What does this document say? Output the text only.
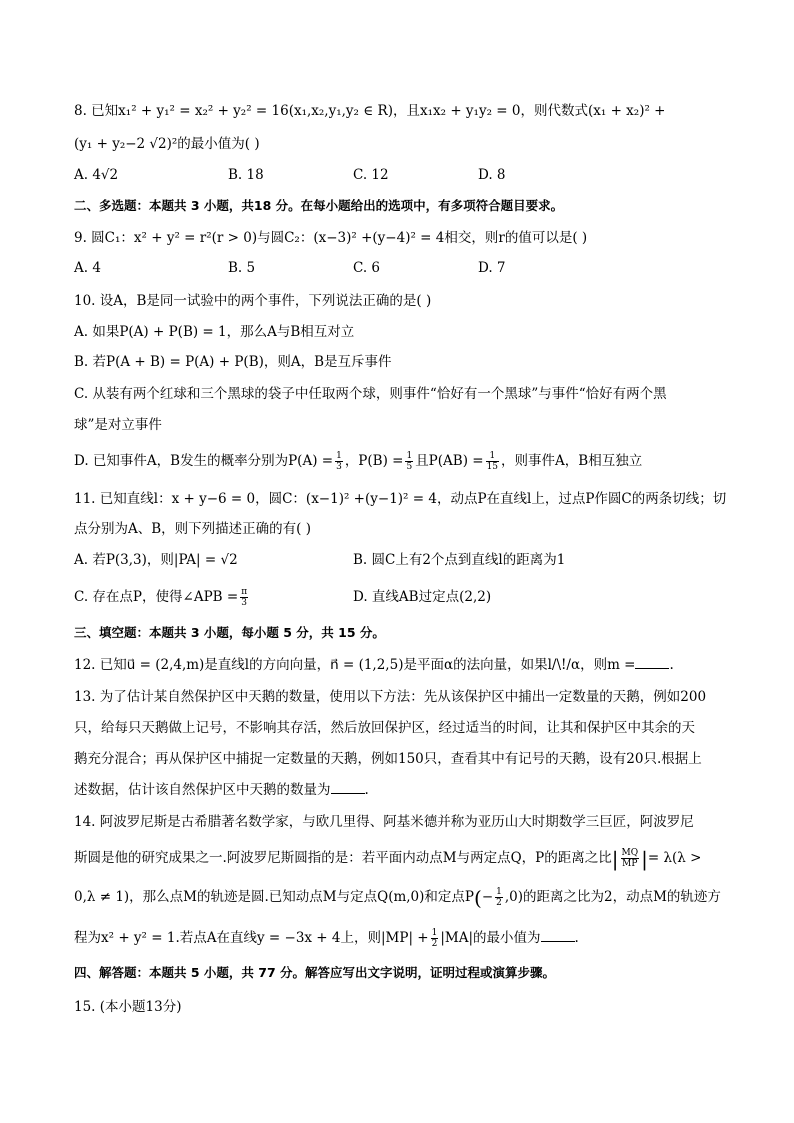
8. 已知x₁² + y₁² = x₂² + y₂² = 16(x₁,x₂,y₁,y₂ ∈ R)，且x₁x₂ + y₁y₂ = 0，则代数式(x₁ + x₂)² +
(y₁ + y₂−2 √2)²的最小值为( )
A. 4√2	B. 18	C. 12	D. 8
二、多选题：本题共 3 小题，共18 分。在每小题给出的选项中，有多项符合题目要求。
9. 圆C₁：x² + y² = r²(r > 0)与圆C₂：(x−3)² +(y−4)² = 4相交，则r的值可以是( )
A. 4	B. 5	C. 6	D. 7
10. 设A，B是同一试验中的两个事件，下列说法正确的是( )
A. 如果P(A) + P(B) = 1，那么A与B相互对立
B. 若P(A + B) = P(A) + P(B)，则A，B是互斥事件
C. 从装有两个红球和三个黑球的袋子中任取两个球，则事件“恰好有一个黑球”与事件“恰好有两个黑
球”是对立事件
D. 已知事件A，B发生的概率分别为$P(A) = \frac{1}{3}$ ，$P(B) = \frac{1}{5}$ 且$P(AB) = \frac{1}{15}$ ，则事件A，B相互独立
11. 已知直线l：x + y−6 = 0，圆C：(x−1)² +(y−1)² = 4，动点P在直线l上，过点P作圆C的两条切线；切
点分别为A、B，则下列描述正确的有( )
A. 若P(3,3)，则|PA| = √2	B. 圆C上有2个点到直线l的距离为1
C. 存在点P，使得∠APB = $\frac{\pi}{3}$	D. 直线AB过定点(2,2)
三、填空题：本题共 3 小题，每小题 5 分，共 15 分。
12. 已知u⃗ = (2,4,m)是直线l的方向向量，n⃗ = (1,2,5)是平面α的法向量，如果l/\!/α，则m =	.
13. 为了估计某自然保护区中天鹅的数量，使用以下方法：先从该保护区中捕出一定数量的天鹅，例如200
只，给每只天鹅做上记号，不影响其存活，然后放回保护区，经过适当的时间，让其和保护区中其余的天
鹅充分混合；再从保护区中捕捉一定数量的天鹅，例如150只，查看其中有记号的天鹅，设有20只.根据上
述数据，估计该自然保护区中天鹅的数量为	.
14. 阿波罗尼斯是古希腊著名数学家，与欧几里得、阿基米德并称为亚历山大时期数学三巨匠，阿波罗尼
斯圆是他的研究成果之一.阿波罗尼斯圆指的是：若平面内动点M与两定点Q，P的距离之比| $\frac{MQ}{MP}$ |= λ(λ >
0,λ ≠ 1)，那么点M的轨迹是圆.已知动点M与定点Q(m,0)和定点$P(- \frac{1}{2} ,0)$的距离之比为2，动点M的轨迹方
程为x² + y² = 1.若点A在直线y = −3x + 4上，则$|MP| + \frac{1}{2} |MA|$的最小值为	.
四、解答题：本题共 5 小题，共 77 分。解答应写出文字说明，证明过程或演算步骤。
15. (本小题13分)
